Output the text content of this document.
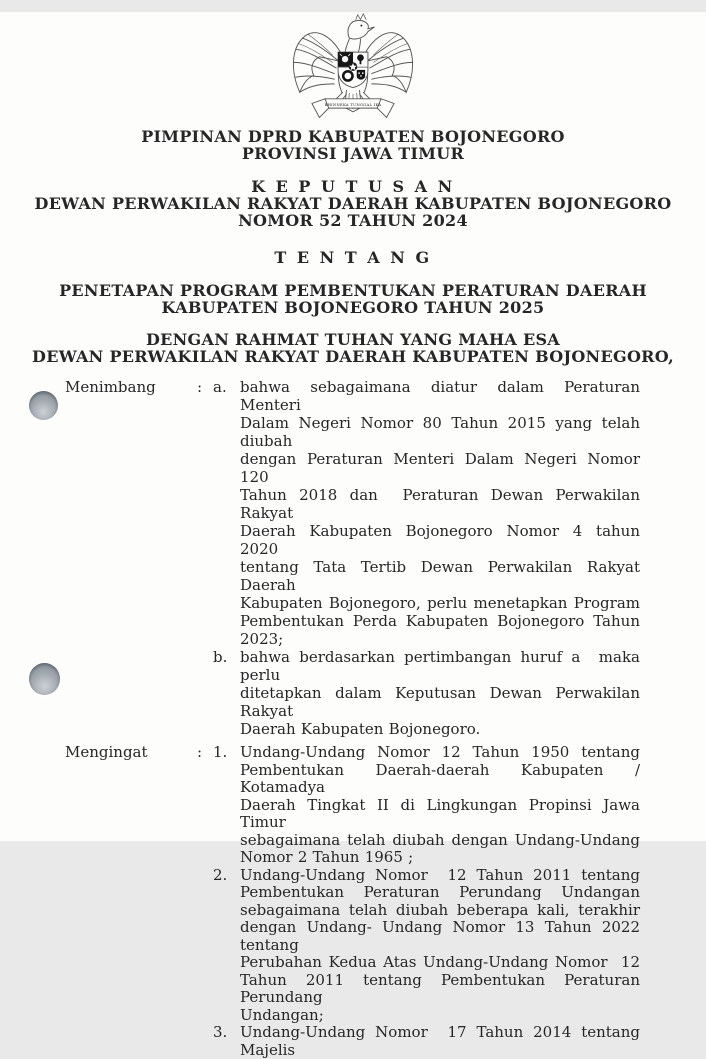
BHINNEKA TUNGGAL IKA
PIMPINAN DPRD KABUPATEN BOJONEGORO
PROVINSI JAWA TIMUR
K E P U T U S A N
DEWAN PERWAKILAN RAKYAT DAERAH KABUPATEN BOJONEGORO
NOMOR 52 TAHUN 2024
T E N T A N G
PENETAPAN PROGRAM PEMBENTUKAN PERATURAN DAERAH
KABUPATEN BOJONEGORO TAHUN 2025
DENGAN RAHMAT TUHAN YANG MAHA ESA
DEWAN PERWAKILAN RAKYAT DAERAH KABUPATEN BOJONEGORO,
Menimbang	: a. bahwa sebagaimana diatur dalam Peraturan Menteri
Dalam Negeri Nomor 80 Tahun 2015 yang telah diubah
dengan Peraturan Menteri Dalam Negeri Nomor 120
Tahun 2018 dan  Peraturan Dewan Perwakilan Rakyat
Daerah Kabupaten Bojonegoro Nomor 4 tahun 2020
tentang Tata Tertib Dewan Perwakilan Rakyat Daerah
Kabupaten Bojonegoro, perlu menetapkan Program
Pembentukan Perda Kabupaten Bojonegoro Tahun
2023;
b. bahwa berdasarkan pertimbangan huruf a  maka perlu
ditetapkan dalam Keputusan Dewan Perwakilan Rakyat
Daerah Kabupaten Bojonegoro.
Mengingat	: 1. Undang-Undang Nomor 12 Tahun 1950 tentang
Pembentukan Daerah-daerah Kabupaten / Kotamadya
Daerah Tingkat II di Lingkungan Propinsi Jawa Timur
sebagaimana telah diubah dengan Undang-Undang
Nomor 2 Tahun 1965 ;
2. Undang-Undang Nomor  12 Tahun 2011 tentang
Pembentukan Peraturan Perundang Undangan
sebagaimana telah diubah beberapa kali, terakhir
dengan Undang- Undang Nomor 13 Tahun 2022 tentang
Perubahan Kedua Atas Undang-Undang Nomor  12
Tahun 2011 tentang Pembentukan Peraturan Perundang
Undangan;
3. Undang-Undang Nomor  17 Tahun 2014 tentang Majelis
